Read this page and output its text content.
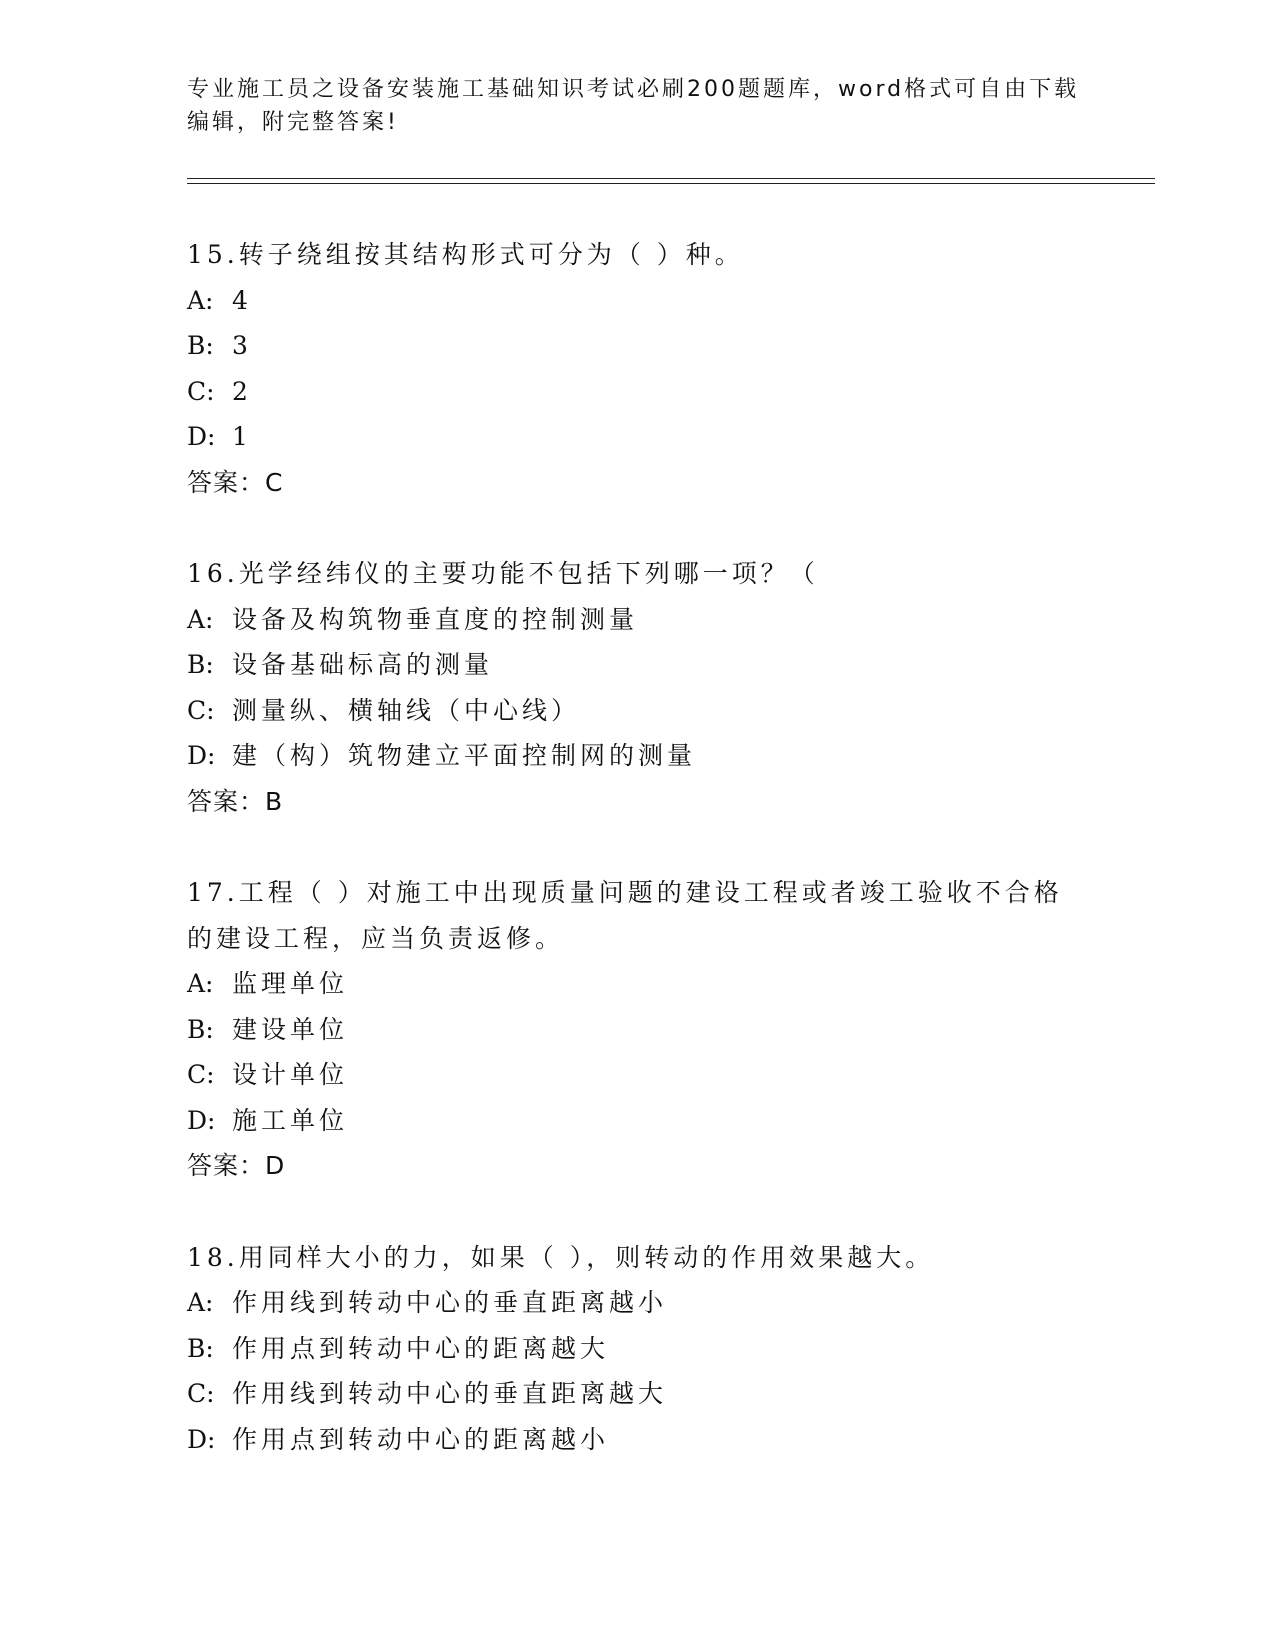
专业施工员之设备安装施工基础知识考试必刷200题题库，word格式可自由下载
编辑，附完整答案!

15.转子绕组按其结构形式可分为（ ）种。

A: 4

B: 3

C: 2

D: 1

答案：C

16.光学经纬仪的主要功能不包括下列哪一项？（

A: 设备及构筑物垂直度的控制测量

B: 设备基础标高的测量

C: 测量纵、横轴线（中心线）

D: 建（构）筑物建立平面控制网的测量

答案：B

17.工程（ ）对施工中出现质量问题的建设工程或者竣工验收不合格的建设工程，应当负责返修。

A: 监理单位

B: 建设单位

C: 设计单位

D: 施工单位

答案：D

18.用同样大小的力，如果（ ），则转动的作用效果越大。

A: 作用线到转动中心的垂直距离越小

B: 作用点到转动中心的距离越大

C: 作用线到转动中心的垂直距离越大

D: 作用点到转动中心的距离越小
